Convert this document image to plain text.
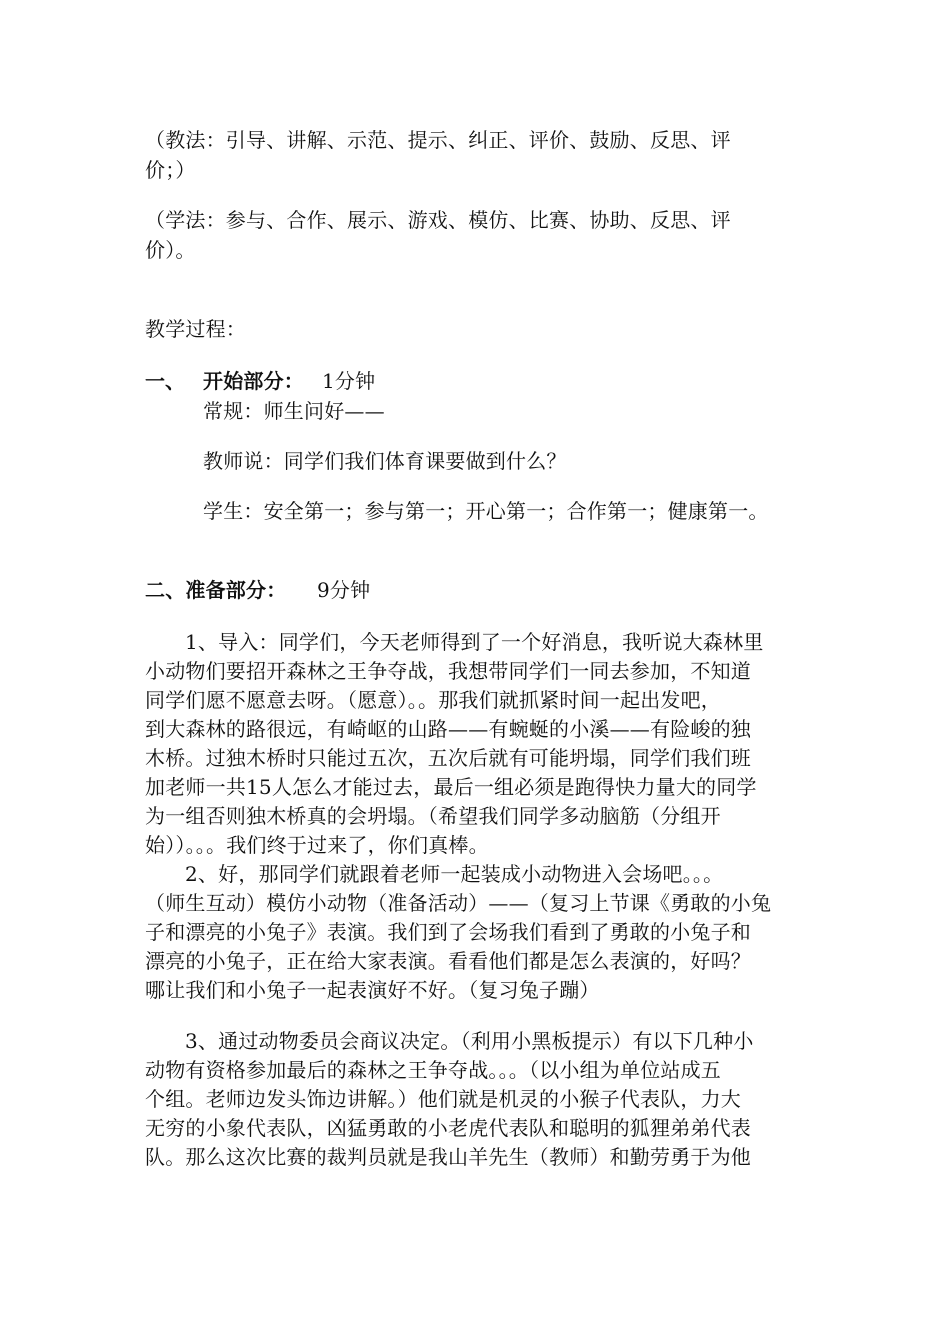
（教法：引导、讲解、示范、提示、纠正、评价、鼓励、反思、评
价；）
（学法：参与、合作、展示、游戏、模仿、比赛、协助、反思、评
价）。
教学过程：
一、 开始部分： 1分钟
常规：师生问好——
教师说：同学们我们体育课要做到什么？
学生：安全第一；参与第一；开心第一；合作第一；健康第一。
二、准备部分： 9分钟
1、导入：同学们，今天老师得到了一个好消息，我听说大森林里
小动物们要招开森林之王争夺战，我想带同学们一同去参加，不知道
同学们愿不愿意去呀。（愿意）。。那我们就抓紧时间一起出发吧，
到大森林的路很远，有崎岖的山路——有蜿蜒的小溪——有险峻的独
木桥。过独木桥时只能过五次，五次后就有可能坍塌，同学们我们班
加老师一共15人怎么才能过去，最后一组必须是跑得快力量大的同学
为一组否则独木桥真的会坍塌。（希望我们同学多动脑筋（分组开
始））。。。我们终于过来了，你们真棒。
2、好，那同学们就跟着老师一起装成小动物进入会场吧。。。
（师生互动）模仿小动物（准备活动）——（复习上节课《勇敢的小兔
子和漂亮的小兔子》表演。我们到了会场我们看到了勇敢的小兔子和
漂亮的小兔子，正在给大家表演。看看他们都是怎么表演的，好吗？
哪让我们和小兔子一起表演好不好。（复习兔子蹦）
3、通过动物委员会商议决定。（利用小黑板提示）有以下几种小
动物有资格参加最后的森林之王争夺战。。。（以小组为单位站成五
个组。老师边发头饰边讲解。）他们就是机灵的小猴子代表队，力大
无穷的小象代表队，凶猛勇敢的小老虎代表队和聪明的狐狸弟弟代表
队。那么这次比赛的裁判员就是我山羊先生（教师）和勤劳勇于为他
